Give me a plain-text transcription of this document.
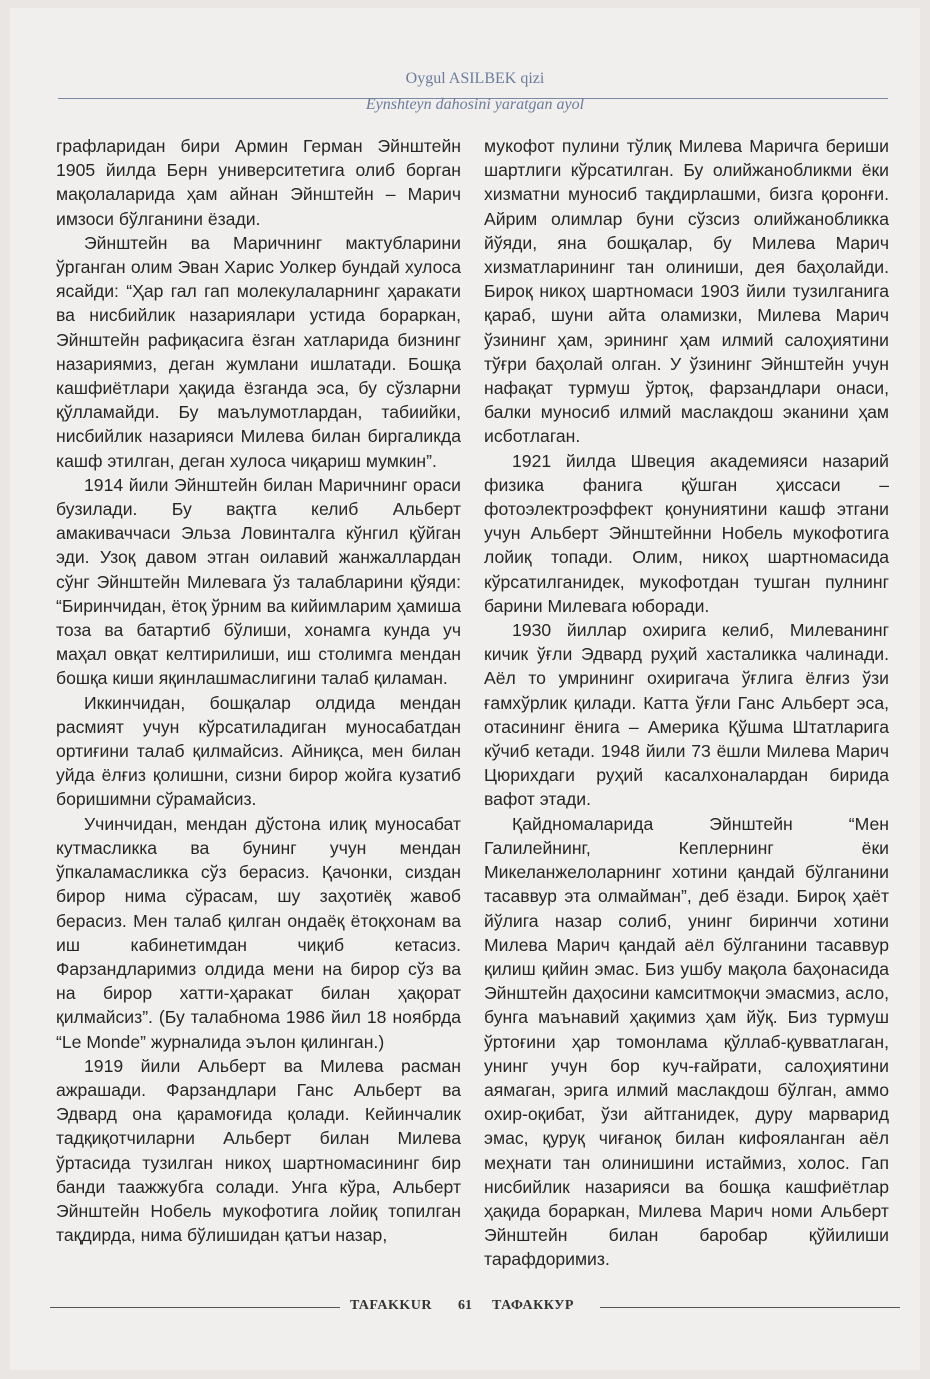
Oygul ASILBEK qizi
Eynshteyn dahosini yaratgan ayol

графларидан бири Армин Герман Эйнштейн 1905 йилда Берн университетига олиб борган мақолаларида ҳам айнан Эйнштейн – Марич имзоси бўлганини ёзади.

Эйнштейн ва Маричнинг мактубларини ўрганган олим Эван Харис Уолкер бундай хулоса ясайди: “Ҳар гал гап молекулаларнинг ҳаракати ва нисбийлик назариялари устида бораркан, Эйнштейн рафиқасига ёзган хатларида бизнинг назариямиз, деган жумлани ишлатади. Бошқа кашфиётлари ҳақида ёзганда эса, бу сўзларни қўлламайди. Бу маълумотлардан, табиийки, нисбийлик назарияси Милева билан биргаликда кашф этилган, деган хулоса чиқариш мумкин”.

1914 йили Эйнштейн билан Маричнинг ораси бузилади. Бу вақтга келиб Альберт амакиваччаси Эльза Ловинталга кўнгил қўйган эди. Узоқ давом этган оилавий жанжаллардан сўнг Эйнштейн Милевага ўз талабларини қўяди: “Биринчидан, ётоқ ўрним ва кийимларим ҳамиша тоза ва батартиб бўлиши, хонамга кунда уч маҳал овқат келтирилиши, иш столимга мендан бошқа киши яқинлашмаслигини талаб қиламан.

Иккинчидан, бошқалар олдида мендан расмият учун кўрсатиладиган муносабатдан ортиғини талаб қилмайсиз. Айниқса, мен билан уйда ёлғиз қолишни, сизни бирор жойга кузатиб боришимни сўрамайсиз.

Учинчидан, мендан дўстона илиқ муносабат кутмасликка ва бунинг учун мендан ўпкаламасликка сўз берасиз. Қачонки, сиздан бирор нима сўрасам, шу заҳотиёқ жавоб берасиз. Мен талаб қилган ондаёқ ётоқхонам ва иш кабинетимдан чиқиб кетасиз. Фарзандларимиз олдида мени на бирор сўз ва на бирор хатти-ҳаракат билан ҳақорат қилмайсиз”. (Бу талабнома 1986 йил 18 ноябрда “Le Monde” журналида эълон қилинган.)

1919 йили Альберт ва Милева расман ажрашади. Фарзандлари Ганс Альберт ва Эдвард она қарамоғида қолади. Кейинчалик тадқиқотчиларни Альберт билан Милева ўртасида тузилган никоҳ шартномасининг бир банди таажжубга солади. Унга кўра, Альберт Эйнштейн Нобель мукофотига лойиқ топилган тақдирда, нима бўлишидан қатъи назар,

мукофот пулини тўлиқ Милева Маричга бериши шартлиги кўрсатилган. Бу олийжанобликми ёки хизматни муносиб тақдирлашми, бизга қоронғи. Айрим олимлар буни сўзсиз олийжанобликка йўяди, яна бошқалар, бу Милева Марич хизматларининг тан олиниши, дея баҳолайди. Бироқ никоҳ шартномаси 1903 йили тузилганига қараб, шуни айта оламизки, Милева Марич ўзининг ҳам, эрининг ҳам илмий салоҳиятини тўғри баҳолай олган. У ўзининг Эйнштейн учун нафақат турмуш ўртоқ, фарзандлари онаси, балки муносиб илмий маслакдош эканини ҳам исботлаган.

1921 йилда Швеция академияси назарий физика фанига қўшган ҳиссаси – фотоэлектроэффект қонуниятини кашф этгани учун Альберт Эйнштейнни Нобель мукофотига лойиқ топади. Олим, никоҳ шартномасида кўрсатилганидек, мукофотдан тушган пулнинг барини Милевага юборади.

1930 йиллар охирига келиб, Милеванинг кичик ўғли Эдвард руҳий хасталикка чалинади. Аёл то умрининг охиригача ўғлига ёлғиз ўзи ғамхўрлик қилади. Катта ўғли Ганс Альберт эса, отасининг ёнига – Америка Қўшма Штатларига кўчиб кетади. 1948 йили 73 ёшли Милева Марич Цюрихдаги руҳий касалхоналардан бирида вафот этади.

Қайдномаларида Эйнштейн “Мен Галилейнинг, Кеплернинг ёки Микеланжелоларнинг хотини қандай бўлганини тасаввур эта олмайман”, деб ёзади. Бироқ ҳаёт йўлига назар солиб, унинг биринчи хотини Милева Марич қандай аёл бўлганини тасаввур қилиш қийин эмас. Биз ушбу мақола баҳонасида Эйнштейн даҳосини камситмоқчи эмасмиз, асло, бунга маънавий ҳақимиз ҳам йўқ. Биз турмуш ўртоғини ҳар томонлама қўллаб-қувватлаган, унинг учун бор куч-ғайрати, салоҳиятини аямаган, эрига илмий маслакдош бўлган, аммо охир-оқибат, ўзи айтганидек, дуру марварид эмас, қуруқ чиғаноқ билан кифояланган аёл меҳнати тан олинишини истаймиз, холос. Гап нисбийлик назарияси ва бошқа кашфиётлар ҳақида бораркан, Милева Марич номи Альберт Эйнштейн билан баробар қўйилиши тарафдоримиз.

TAFAKKUR 61 ТАФАККУР
